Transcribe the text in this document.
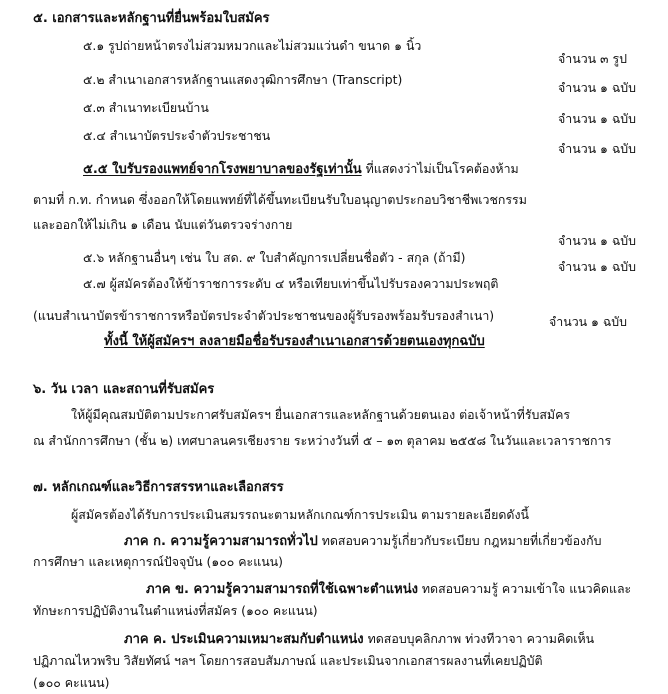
๕. เอกสารและหลักฐานที่ยื่นพร้อมใบสมัคร
๕.๑ รูปถ่ายหน้าตรงไม่สวมหมวกและไม่สวมแว่นดำ ขนาด ๑ นิ้ว
จำนวน ๓ รูป
๕.๒ สำเนาเอกสารหลักฐานแสดงวุฒิการศึกษา (Transcript)
จำนวน ๑ ฉบับ
๕.๓ สำเนาทะเบียนบ้าน
จำนวน ๑ ฉบับ
๕.๔ สำเนาบัตรประจำตัวประชาชน
จำนวน ๑ ฉบับ
๕.๕ ใบรับรองแพทย์จากโรงพยาบาลของรัฐเท่านั้น ที่แสดงว่าไม่เป็นโรคต้องห้าม
ตามที่ ก.ท. กำหนด ซึ่งออกให้โดยแพทย์ที่ได้ขึ้นทะเบียนรับใบอนุญาตประกอบวิชาชีพเวชกรรม
และออกให้ไม่เกิน ๑ เดือน นับแต่วันตรวจร่างกาย
จำนวน ๑ ฉบับ
๕.๖ หลักฐานอื่นๆ เช่น ใบ สด. ๙ ใบสำคัญการเปลี่ยนชื่อตัว - สกุล (ถ้ามี)
จำนวน ๑ ฉบับ
๕.๗ ผู้สมัครต้องให้ข้าราชการระดับ ๔ หรือเทียบเท่าขึ้นไปรับรองความประพฤติ
(แนบสำเนาบัตรข้าราชการหรือบัตรประจำตัวประชาชนของผู้รับรองพร้อมรับรองสำเนา)	จำนวน ๑ ฉบับ
ทั้งนี้ ให้ผู้สมัครฯ ลงลายมือชื่อรับรองสำเนาเอกสารด้วยตนเองทุกฉบับ
๖. วัน เวลา และสถานที่รับสมัคร
ให้ผู้มีคุณสมบัติตามประกาศรับสมัครฯ ยื่นเอกสารและหลักฐานด้วยตนเอง ต่อเจ้าหน้าที่รับสมัคร
ณ สำนักการศึกษา (ชั้น ๒) เทศบาลนครเชียงราย ระหว่างวันที่ ๕ – ๑๓ ตุลาคม ๒๕๕๘ ในวันและเวลาราชการ
๗. หลักเกณฑ์และวิธีการสรรหาและเลือกสรร
ผู้สมัครต้องได้รับการประเมินสมรรถนะตามหลักเกณฑ์การประเมิน ตามรายละเอียดดังนี้
ภาค ก. ความรู้ความสามารถทั่วไป ทดสอบความรู้เกี่ยวกับระเบียบ กฎหมายที่เกี่ยวข้องกับ
การศึกษา และเหตุการณ์ปัจจุบัน (๑๐๐ คะแนน)
ภาค ข. ความรู้ความสามารถที่ใช้เฉพาะตำแหน่ง ทดสอบความรู้ ความเข้าใจ แนวคิดและ
ทักษะการปฏิบัติงานในตำแหน่งที่สมัคร (๑๐๐ คะแนน)
ภาค ค. ประเมินความเหมาะสมกับตำแหน่ง ทดสอบบุคลิกภาพ ท่วงทีวาจา ความคิดเห็น
ปฏิภาณไหวพริบ วิสัยทัศน์ ฯลฯ โดยการสอบสัมภาษณ์ และประเมินจากเอกสารผลงานที่เคยปฏิบัติ
(๑๐๐ คะแนน)
